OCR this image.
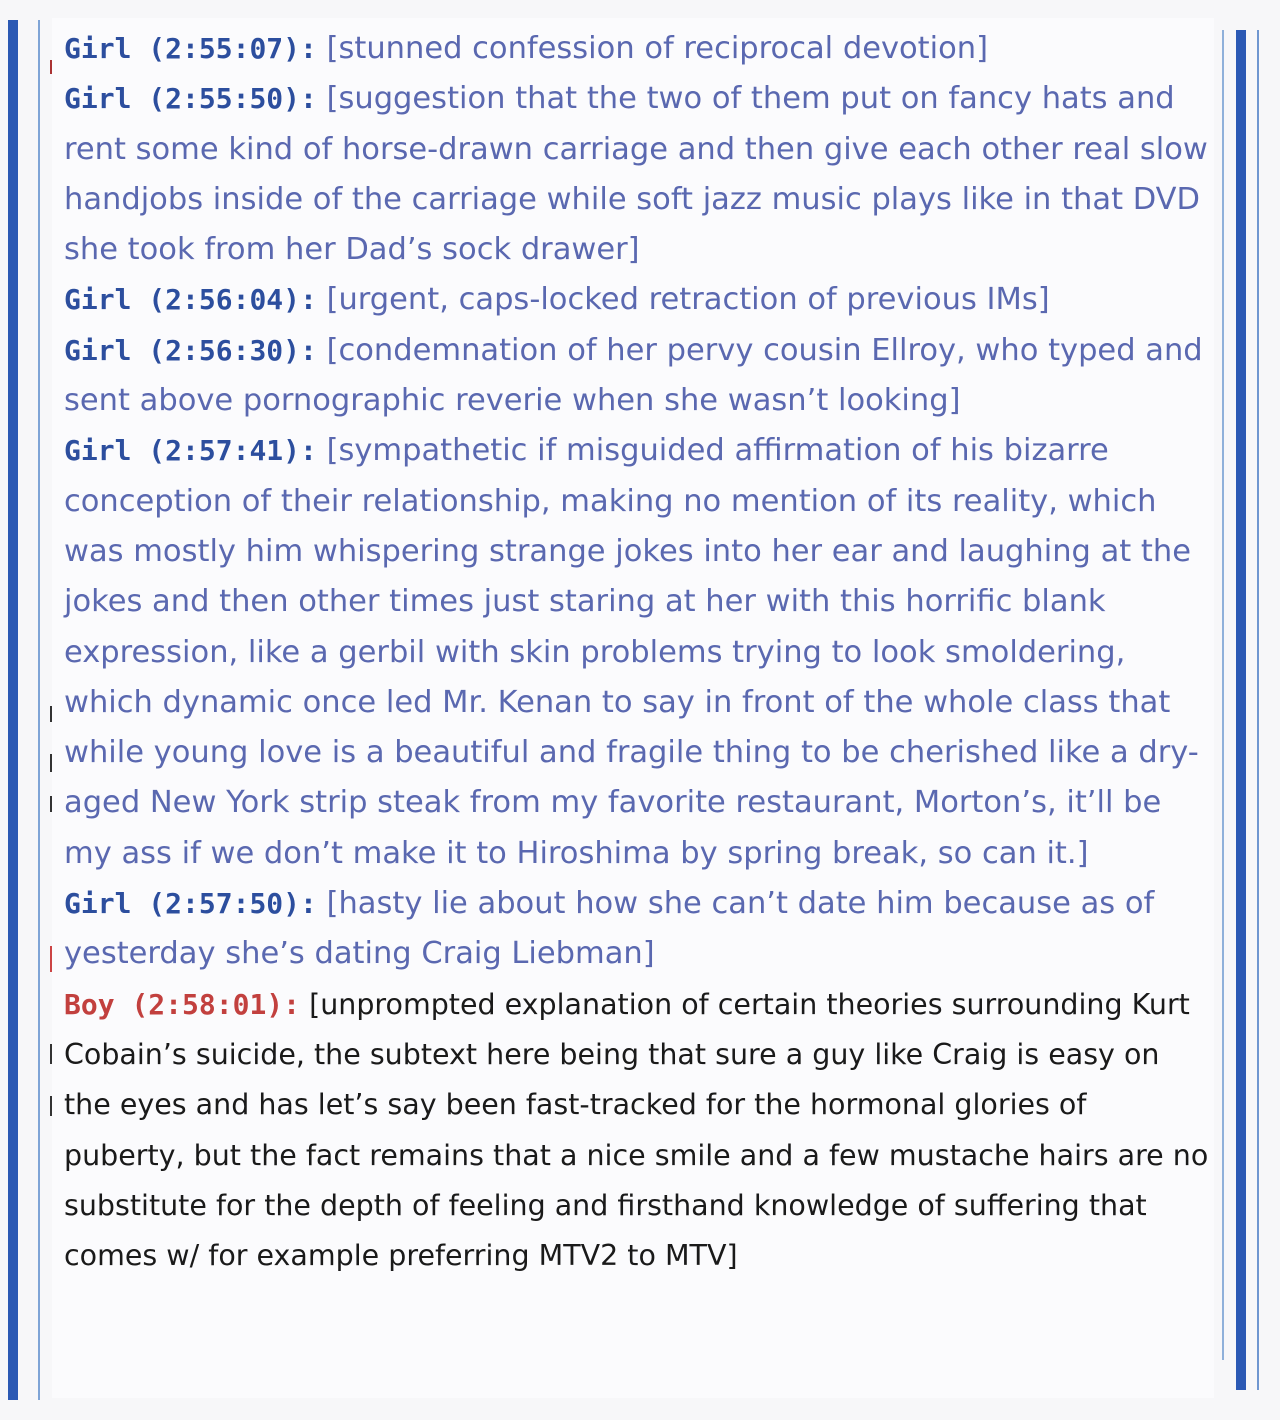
Girl (2:55:07): [stunned confession of reciprocal devotion]

Girl (2:55:50): [suggestion that the two of them put on fancy hats and rent some kind of horse-drawn carriage and then give each other real slow handjobs inside of the carriage while soft jazz music plays like in that DVD she took from her Dad’s sock drawer]

Girl (2:56:04): [urgent, caps-locked retraction of previous IMs]

Girl (2:56:30): [condemnation of her pervy cousin Ellroy, who typed and sent above pornographic reverie when she wasn’t looking]

Girl (2:57:41): [sympathetic if misguided affirmation of his bizarre conception of their relationship, making no mention of its reality, which was mostly him whispering strange jokes into her ear and laughing at the jokes and then other times just staring at her with this horrific blank expression, like a gerbil with skin problems trying to look smoldering, which dynamic once led Mr. Kenan to say in front of the whole class that while young love is a beautiful and fragile thing to be cherished like a dry-aged New York strip steak from my favorite restaurant, Morton’s, it’ll be my ass if we don’t make it to Hiroshima by spring break, so can it.]

Girl (2:57:50): [hasty lie about how she can’t date him because as of yesterday she’s dating Craig Liebman]

Boy (2:58:01): [unprompted explanation of certain theories surrounding Kurt Cobain’s suicide, the subtext here being that sure a guy like Craig is easy on the eyes and has let’s say been fast-tracked for the hormonal glories of puberty, but the fact remains that a nice smile and a few mustache hairs are no substitute for the depth of feeling and firsthand knowledge of suffering that comes w/ for example preferring MTV2 to MTV]
